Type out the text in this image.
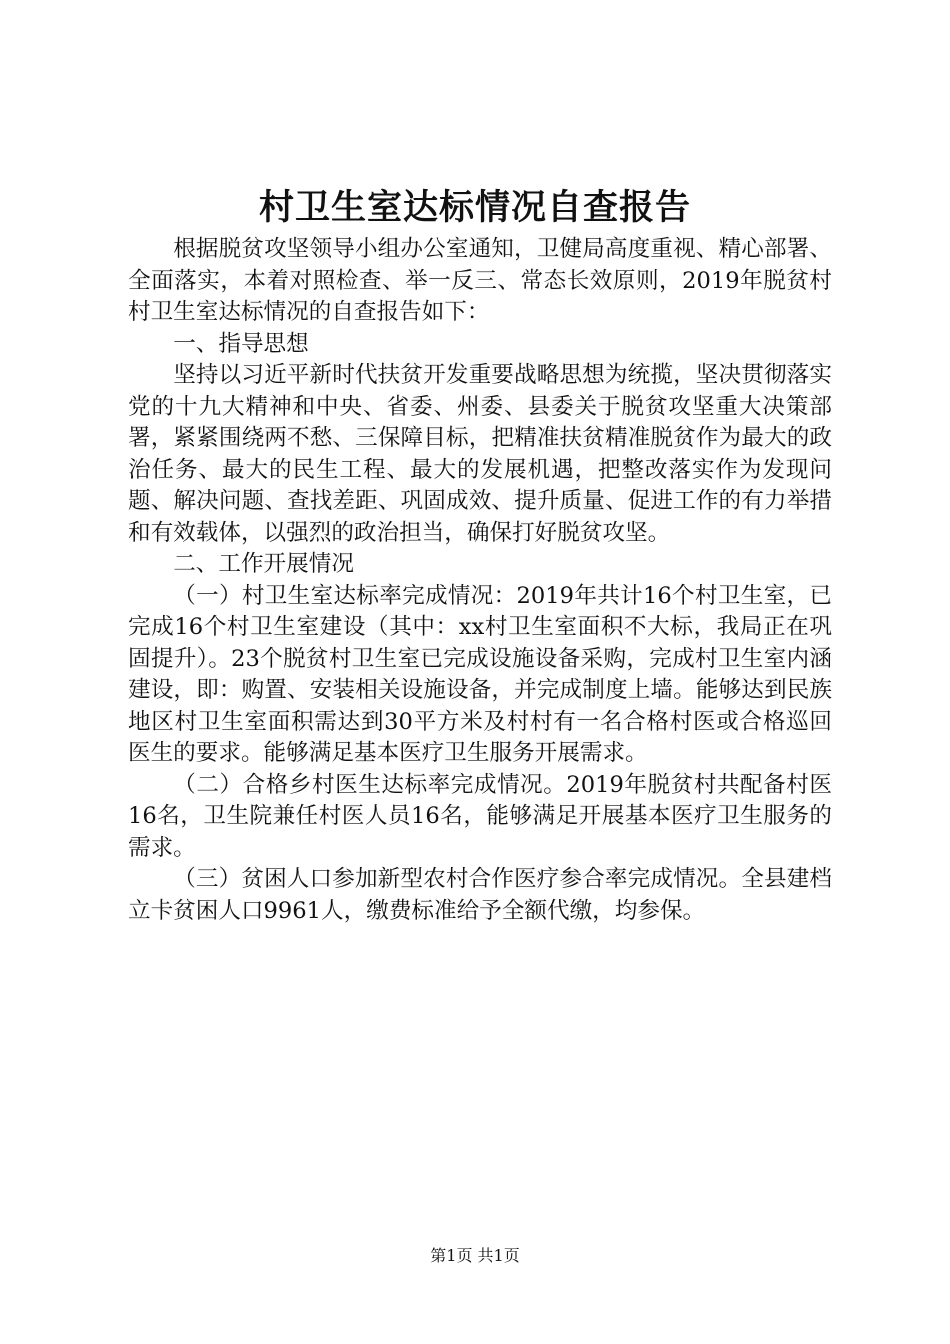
村卫生室达标情况自查报告

根据脱贫攻坚领导小组办公室通知，卫健局高度重视、精心部署、全面落实，本着对照检查、举一反三、常态长效原则，2019年脱贫村村卫生室达标情况的自查报告如下：

一、指导思想

坚持以习近平新时代扶贫开发重要战略思想为统揽，坚决贯彻落实党的十九大精神和中央、省委、州委、县委关于脱贫攻坚重大决策部署，紧紧围绕两不愁、三保障目标，把精准扶贫精准脱贫作为最大的政治任务、最大的民生工程、最大的发展机遇，把整改落实作为发现问题、解决问题、查找差距、巩固成效、提升质量、促进工作的有力举措和有效载体，以强烈的政治担当，确保打好脱贫攻坚。

二、工作开展情况

（一）村卫生室达标率完成情况：2019年共计16个村卫生室，已完成16个村卫生室建设（其中：xx村卫生室面积不大标，我局正在巩固提升）。23个脱贫村卫生室已完成设施设备采购，完成村卫生室内涵建设，即：购置、安装相关设施设备，并完成制度上墙。能够达到民族地区村卫生室面积需达到30平方米及村村有一名合格村医或合格巡回医生的要求。能够满足基本医疗卫生服务开展需求。

（二）合格乡村医生达标率完成情况。2019年脱贫村共配备村医16名，卫生院兼任村医人员16名，能够满足开展基本医疗卫生服务的需求。

（三）贫困人口参加新型农村合作医疗参合率完成情况。全县建档立卡贫困人口9961人，缴费标准给予全额代缴，均参保。

第1页 共1页
